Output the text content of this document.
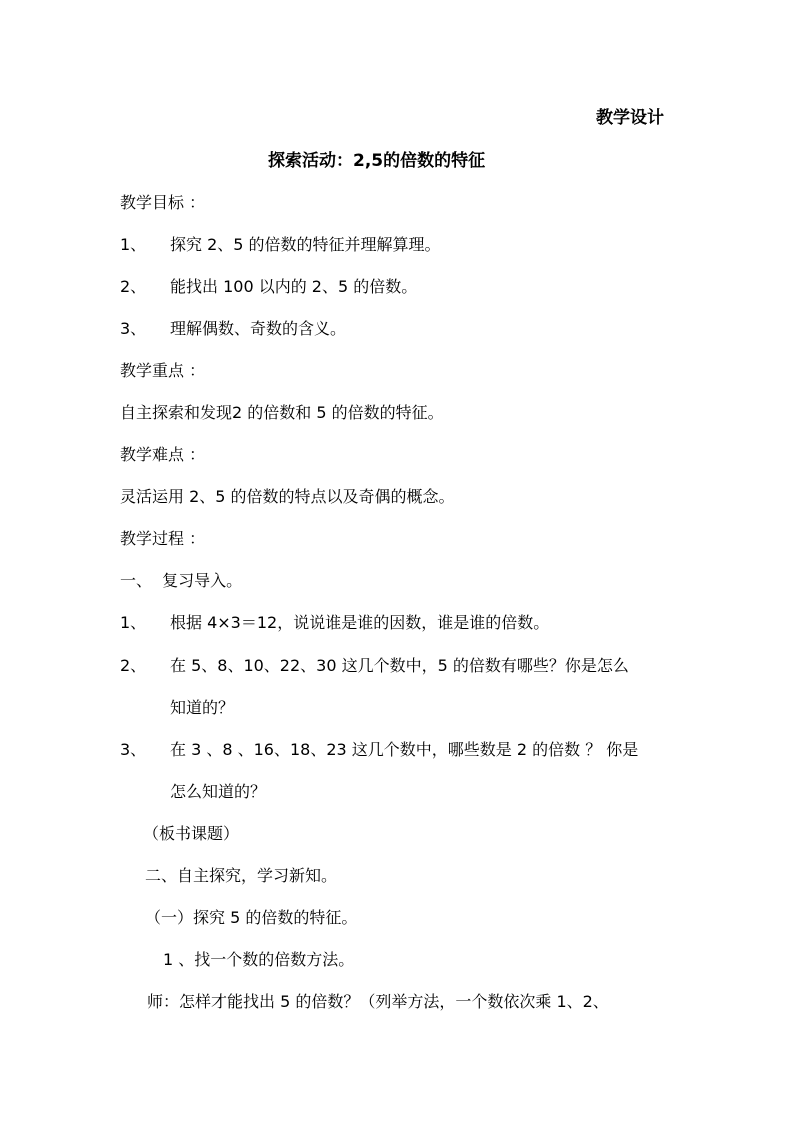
教学设计
探索活动：2,5的倍数的特征
教学目标 ：
1、 探究 2、5 的倍数的特征并理解算理。
2、 能找出 100 以内的 2、5 的倍数。
3、 理解偶数、奇数的含义。
教学重点 ：
自主探索和发现2 的倍数和 5 的倍数的特征。
教学难点 ：
灵活运用 2、5 的倍数的特点以及奇偶的概念。
教学过程 ：
一、  复习导入。
1、 根据 4×3＝12，说说谁是谁的因数，谁是谁的倍数。
2、 在 5、8、10、22、30 这几个数中，5 的倍数有哪些？你是怎么
知道的？
3、 在 3 、8 、16、18、23 这几个数中，哪些数是 2 的倍数 ？ 你是
怎么知道的？
（板书课题）
二、自主探究，学习新知。
（一）探究 5 的倍数的特征。
1 、找一个数的倍数方法。
师：怎样才能找出 5 的倍数？（列举方法，一个数依次乘 1、2、
